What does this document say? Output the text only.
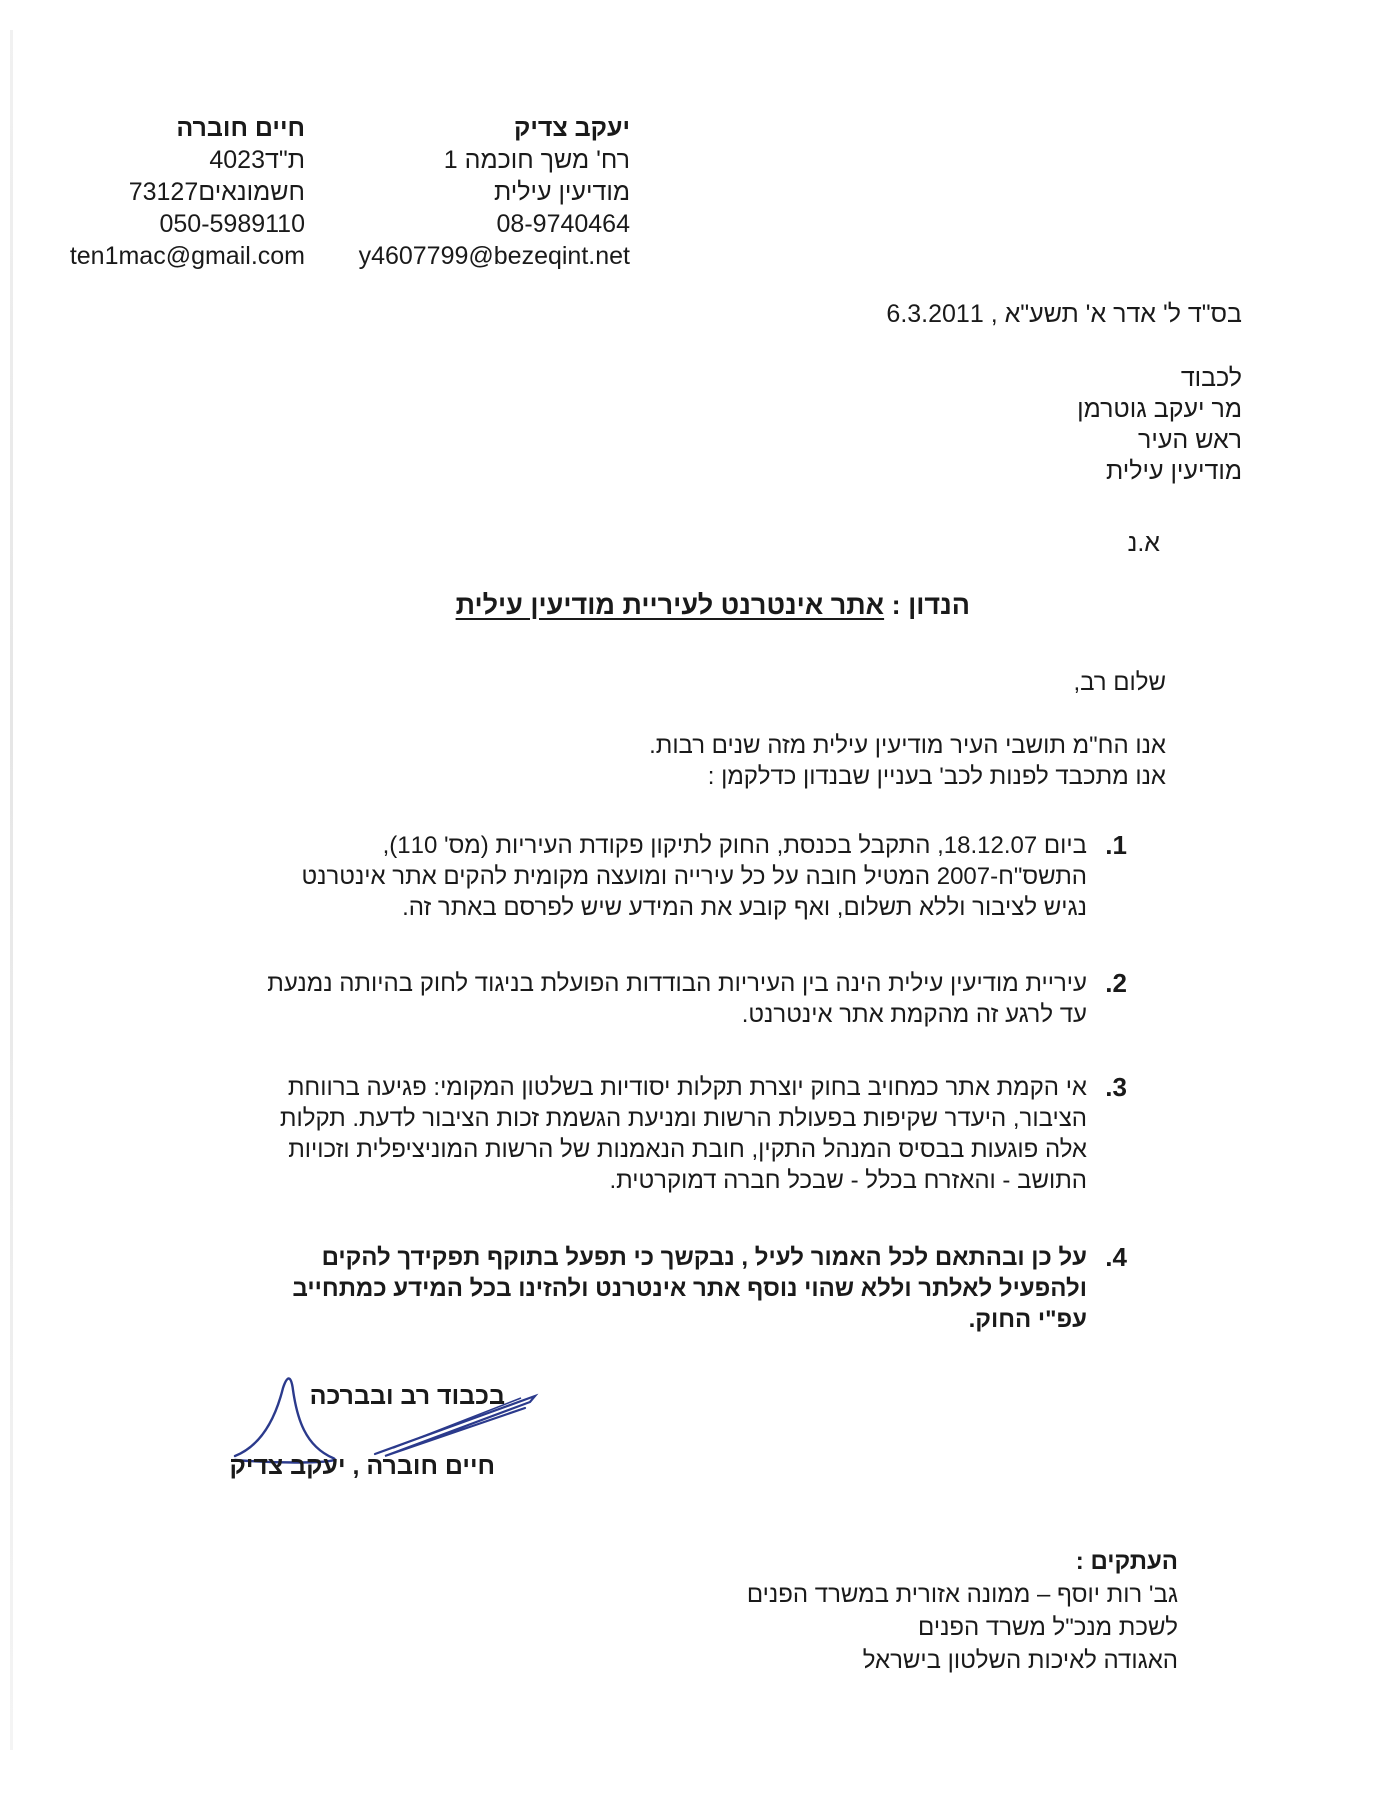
יעקב צדיק
רח' משך חוכמה 1
מודיעין עילית
08-9740464
y4607799@bezeqint.net
חיים חוברה
ת"ד4023
חשמונאים73127
050-5989110
ten1mac@gmail.com
בס"ד ל' אדר א' תשע"א , 6.3.2011
לכבוד
מר יעקב גוטרמן
ראש העיר
מודיעין עילית
א.נ
הנדון : אתר אינטרנט לעיריית מודיעין עילית
שלום רב,
אנו הח"מ תושבי העיר מודיעין עילית מזה שנים רבות.
אנו מתכבד לפנות לכב' בעניין שבנדון כדלקמן :
1.
ביום 18.12.07, התקבל בכנסת, החוק לתיקון פקודת העיריות (מס' 110),
התשס"ח-2007 המטיל חובה על כל עירייה ומועצה מקומית להקים אתר אינטרנט
נגיש לציבור וללא תשלום, ואף קובע את המידע שיש לפרסם באתר זה.
2.
עיריית מודיעין עילית הינה בין העיריות הבודדות הפועלת בניגוד לחוק בהיותה נמנעת
עד לרגע זה מהקמת אתר אינטרנט.
3.
אי הקמת אתר כמחויב בחוק יוצרת תקלות יסודיות בשלטון המקומי: פגיעה ברווחת
הציבור, היעדר שקיפות בפעולת הרשות ומניעת הגשמת זכות הציבור לדעת. תקלות
אלה פוגעות בבסיס המנהל התקין, חובת הנאמנות של הרשות המוניציפלית וזכויות
התושב - והאזרח בכלל - שבכל חברה דמוקרטית.
4.
על כן ובהתאם לכל האמור לעיל , נבקשך כי תפעל בתוקף תפקידך להקים
ולהפעיל לאלתר וללא שהוי נוסף אתר אינטרנט ולהזינו בכל המידע כמתחייב
עפ"י החוק.
בכבוד רב ובברכה
חיים חוברה , יעקב צדיק
העתקים :
גב' רות יוסף – ממונה אזורית במשרד הפנים
לשכת מנכ"ל משרד הפנים
האגודה לאיכות השלטון בישראל
